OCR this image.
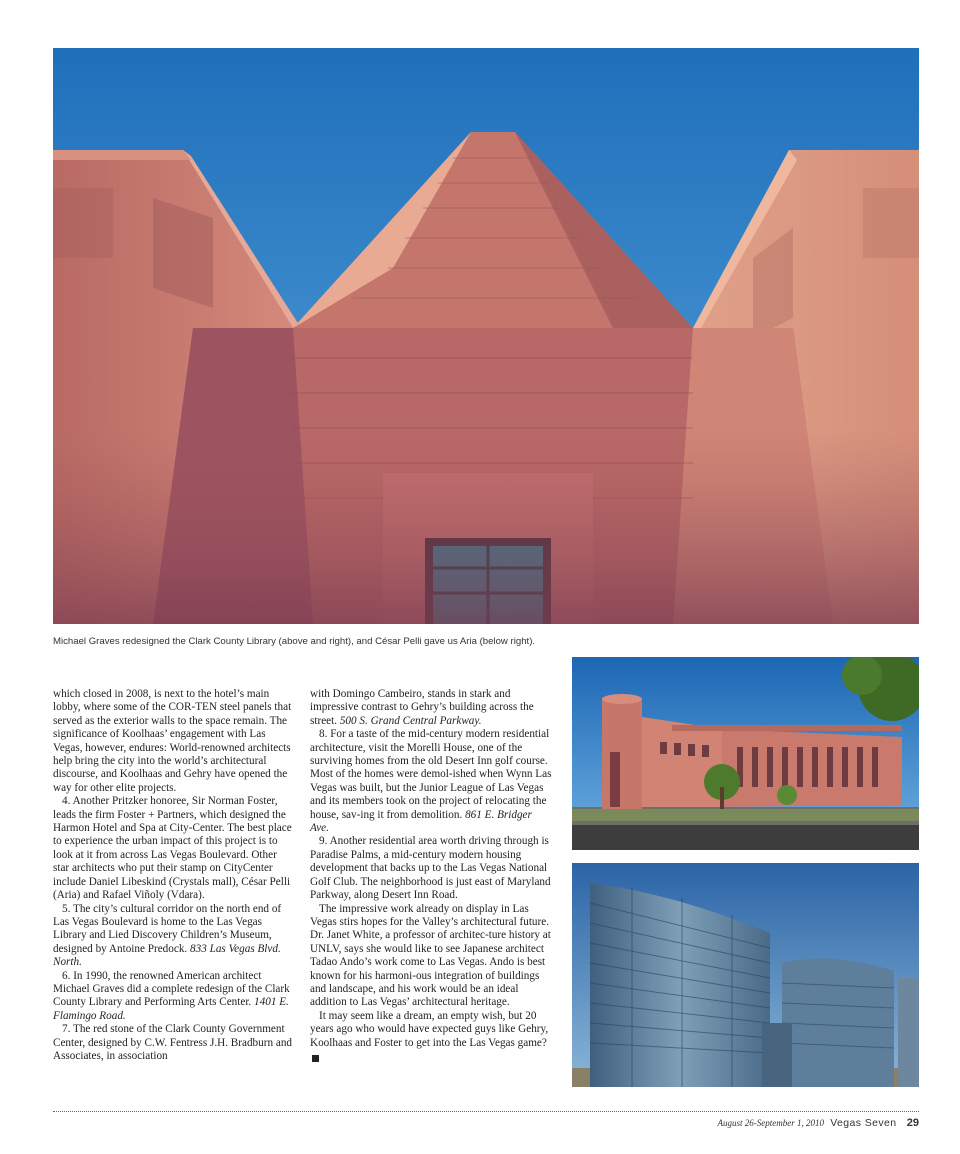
Michael Graves redesigned the Clark County Library (above and right), and César Pelli gave us Aria (below right).

which closed in 2008, is next to the hotel’s main lobby, where some of the COR-TEN steel panels that served as the exterior walls to the space remain. The significance of Koolhaas’ engagement with Las Vegas, however, endures: World-renowned architects help bring the city into the world’s architectural discourse, and Koolhaas and Gehry have opened the way for other elite projects.

4. Another Pritzker honoree, Sir Norman Foster, leads the firm Foster + Partners, which designed the Harmon Hotel and Spa at City-Center. The best place to experience the urban impact of this project is to look at it from across Las Vegas Boulevard. Other star architects who put their stamp on CityCenter include Daniel Libeskind (Crystals mall), César Pelli (Aria) and Rafael Viñoly (Vdara).

5. The city’s cultural corridor on the north end of Las Vegas Boulevard is home to the Las Vegas Library and Lied Discovery Children’s Museum, designed by Antoine Predock. 833 Las Vegas Blvd. North.

6. In 1990, the renowned American architect Michael Graves did a complete redesign of the Clark County Library and Performing Arts Center. 1401 E. Flamingo Road.

7. The red stone of the Clark County Government Center, designed by C.W. Fentress J.H. Bradburn and Associates, in association

with Domingo Cambeiro, stands in stark and impressive contrast to Gehry’s building across the street. 500 S. Grand Central Parkway.

8. For a taste of the mid-century modern residential architecture, visit the Morelli House, one of the surviving homes from the old Desert Inn golf course. Most of the homes were demol-ished when Wynn Las Vegas was built, but the Junior League of Las Vegas and its members took on the project of relocating the house, sav-ing it from demolition. 861 E. Bridger Ave.

9. Another residential area worth driving through is Paradise Palms, a mid-century modern housing development that backs up to the Las Vegas National Golf Club. The neighborhood is just east of Maryland Parkway, along Desert Inn Road.

The impressive work already on display in Las Vegas stirs hopes for the Valley’s architectural future. Dr. Janet White, a professor of architec-ture history at UNLV, says she would like to see Japanese architect Tadao Ando’s work come to Las Vegas. Ando is best known for his harmoni-ous integration of buildings and landscape, and his work would be an ideal addition to Las Vegas’ architectural heritage.

It may seem like a dream, an empty wish, but 20 years ago who would have expected guys like Gehry, Koolhaas and Foster to get into the Las Vegas game?7

August 26-September 1, 2010 Vegas Seven 29
